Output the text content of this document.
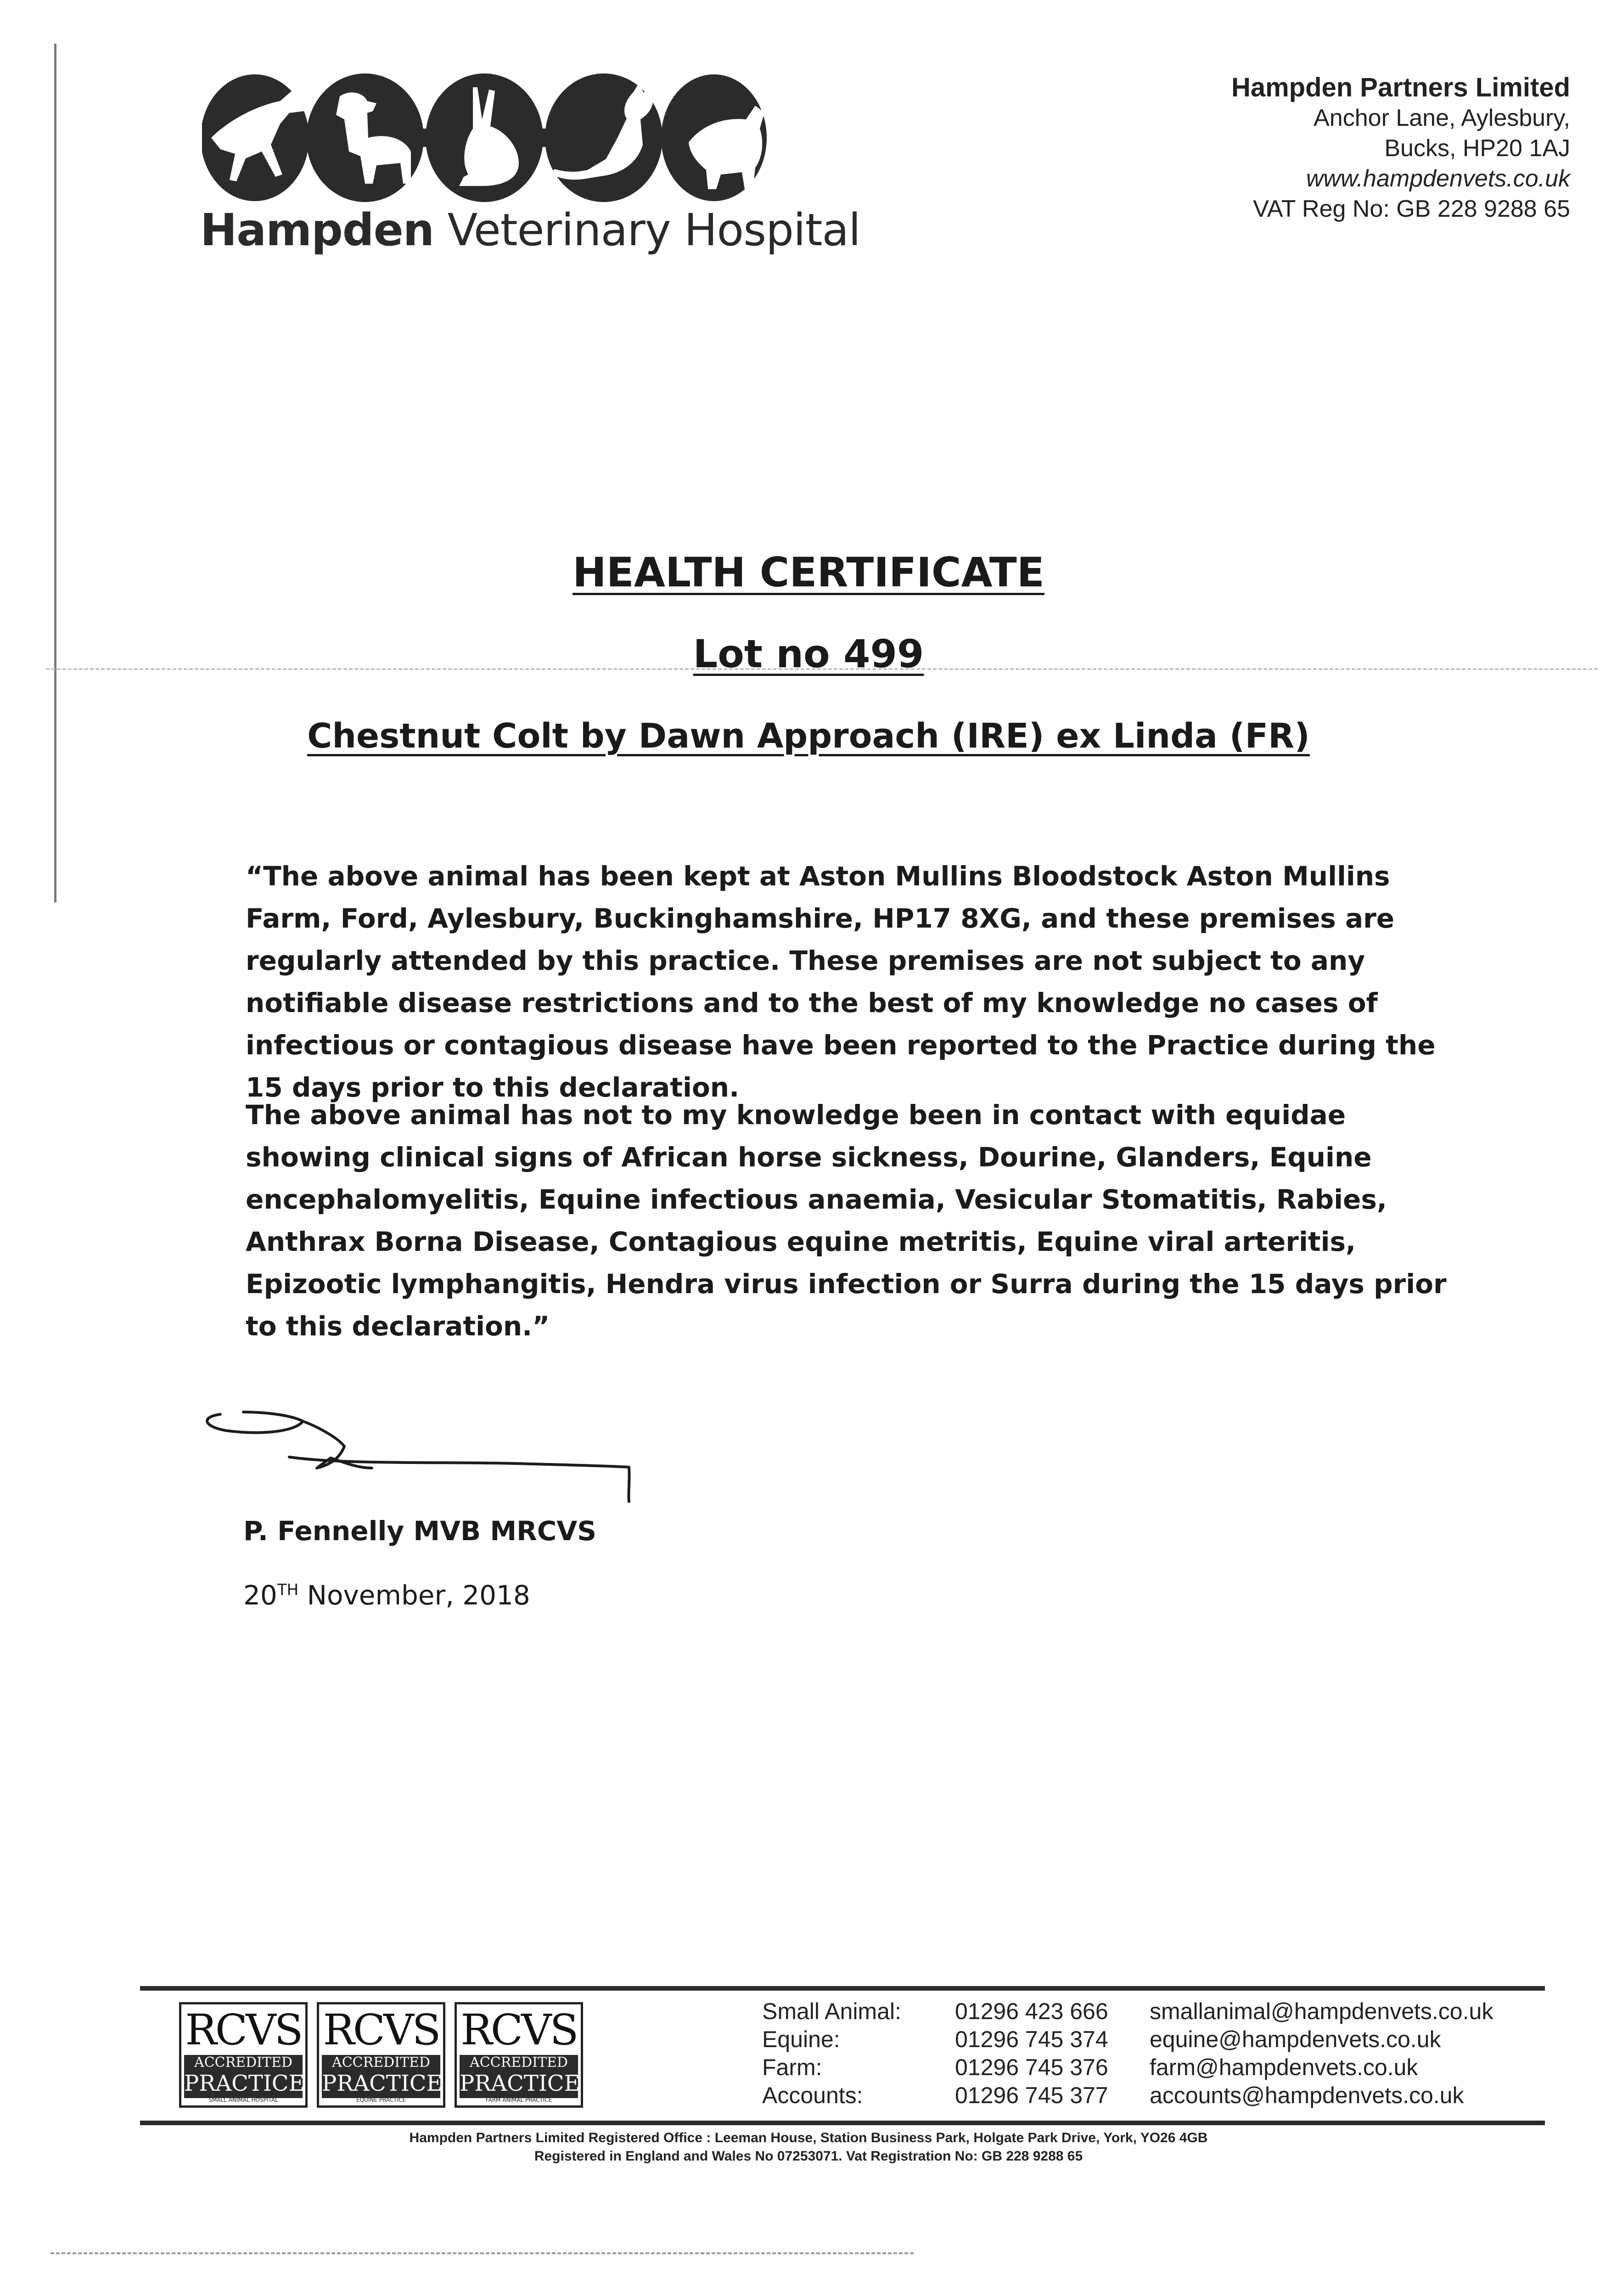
Hampden Veterinary Hospital
Hampden Partners Limited
Anchor Lane, Aylesbury,
Bucks, HP20 1AJ
www.hampdenvets.co.uk
VAT Reg No: GB 228 9288 65
HEALTH CERTIFICATE
Lot no 499
Chestnut Colt by Dawn Approach (IRE) ex Linda (FR)
“The above animal has been kept at Aston Mullins Bloodstock Aston Mullins Farm, Ford, Aylesbury, Buckinghamshire, HP17 8XG, and these premises are regularly attended by this practice. These premises are not subject to any notifiable disease restrictions and to the best of my knowledge no cases of infectious or contagious disease have been reported to the Practice during the 15 days prior to this declaration.
The above animal has not to my knowledge been in contact with equidae showing clinical signs of African horse sickness, Dourine, Glanders, Equine encephalomyelitis, Equine infectious anaemia, Vesicular Stomatitis, Rabies, Anthrax Borna Disease, Contagious equine metritis, Equine viral arteritis, Epizootic lymphangitis, Hendra virus infection or Surra during the 15 days prior to this declaration.”
P. Fennelly MVB MRCVS
20TH November, 2018
RCVS
ACCREDITED
PRACTICE
SMALL ANIMAL HOSPITAL
RCVS
ACCREDITED
PRACTICE
EQUINE PRACTICE
RCVS
ACCREDITED
PRACTICE
FARM ANIMAL PRACTICE
Small Animal:	01296 423 666	smallanimal@hampdenvets.co.uk
Equine:	01296 745 374	equine@hampdenvets.co.uk
Farm:	01296 745 376	farm@hampdenvets.co.uk
Accounts:	01296 745 377	accounts@hampdenvets.co.uk
Hampden Partners Limited Registered Office : Leeman House, Station Business Park, Holgate Park Drive, York, YO26 4GB
Registered in England and Wales No 07253071. Vat Registration No: GB 228 9288 65
